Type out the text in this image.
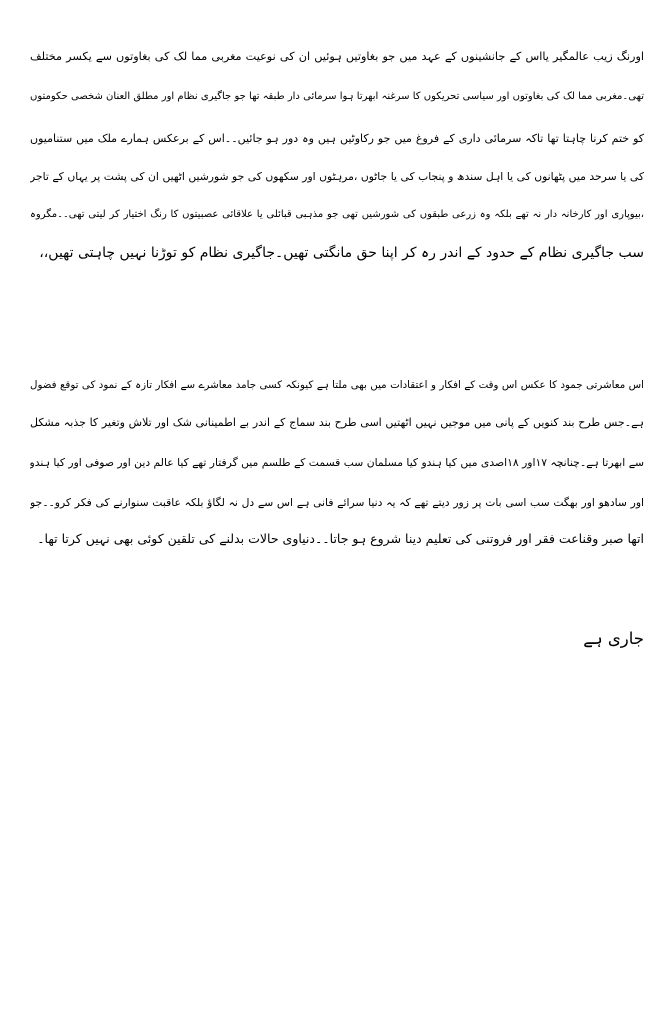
اورنگ زیب عالمگیر یااس کے جانشینوں کے عہد میں جو بغاوتیں ہوئیں ان کی نوعیت مغربی مما لک کی بغاوتوں سے یکسر مختلف
تھی۔مغربی مما لک کی بغاوتوں اور سیاسی تحریکوں کا سرغنہ ابھرتا ہوا سرمائی دار طبقہ تھا جو جاگیری نظام اور مطلق العنان شخصی حکومتوں
کو ختم کرنا چاہتا تھا تاکہ سرمائی داری کے فروغ میں جو رکاوٹیں ہیں وہ دور ہو جائیں۔۔اس کے برعکس ہمارے ملک میں ستنامیوں
کی یا سرحد میں پٹھانوں کی یا اہل سندھ و پنجاب کی یا جاٹوں ،مرہٹوں اور سکھوں کی جو شورشیں اٹھیں ان کی پشت پر یہاں کے تاجر
،بیوپاری اور کارخانہ دار نہ تھے بلکہ وہ زرعی طبقوں کی شورشیں تھی جو مذہبی قبائلی یا علاقائی عصبیتوں کا رنگ اختیار کر لیتی تھی۔۔مگروہ
سب جاگیری نظام کے حدود کے اندر رہ کر اپنا حق مانگتی تھیں۔جاگیری نظام کو توڑنا نہیں چاہتی تھیں،،
اس معاشرتی جمود کا عکس اس وقت کے افکار و اعتقادات میں بھی ملتا ہے کیونکہ کسی جامد معاشرے سے افکار تازہ کے نمود کی توقع فضول
ہے۔جس طرح بند کنویں کے پانی میں موجیں نہیں اٹھتیں اسی طرح بند سماج کے اندر بے اطمینانی شک اور تلاش وتغیر کا جذبہ مشکل
سے ابھرتا ہے۔چنانچہ ۱۷اور ۱۸اصدی میں کیا ہندو کیا مسلمان سب قسمت کے طلسم میں گرفتار تھے کیا عالم دین اور صوفی اور کیا ہندو
اور سادھو اور بھگت سب اسی بات پر زور دیتے تھے کہ یہ دنیا سرائے فانی ہے اس سے دل نہ لگاؤ بلکہ عاقبت سنوارنے کی فکر کرو۔۔جو
اتھا صبر وقناعت فقر اور فروتنی کی تعلیم دینا شروع ہو جاتا۔۔دنیاوی حالات بدلنے کی تلقین کوئی بھی نہیں کرتا تھا۔
جاری ہے
